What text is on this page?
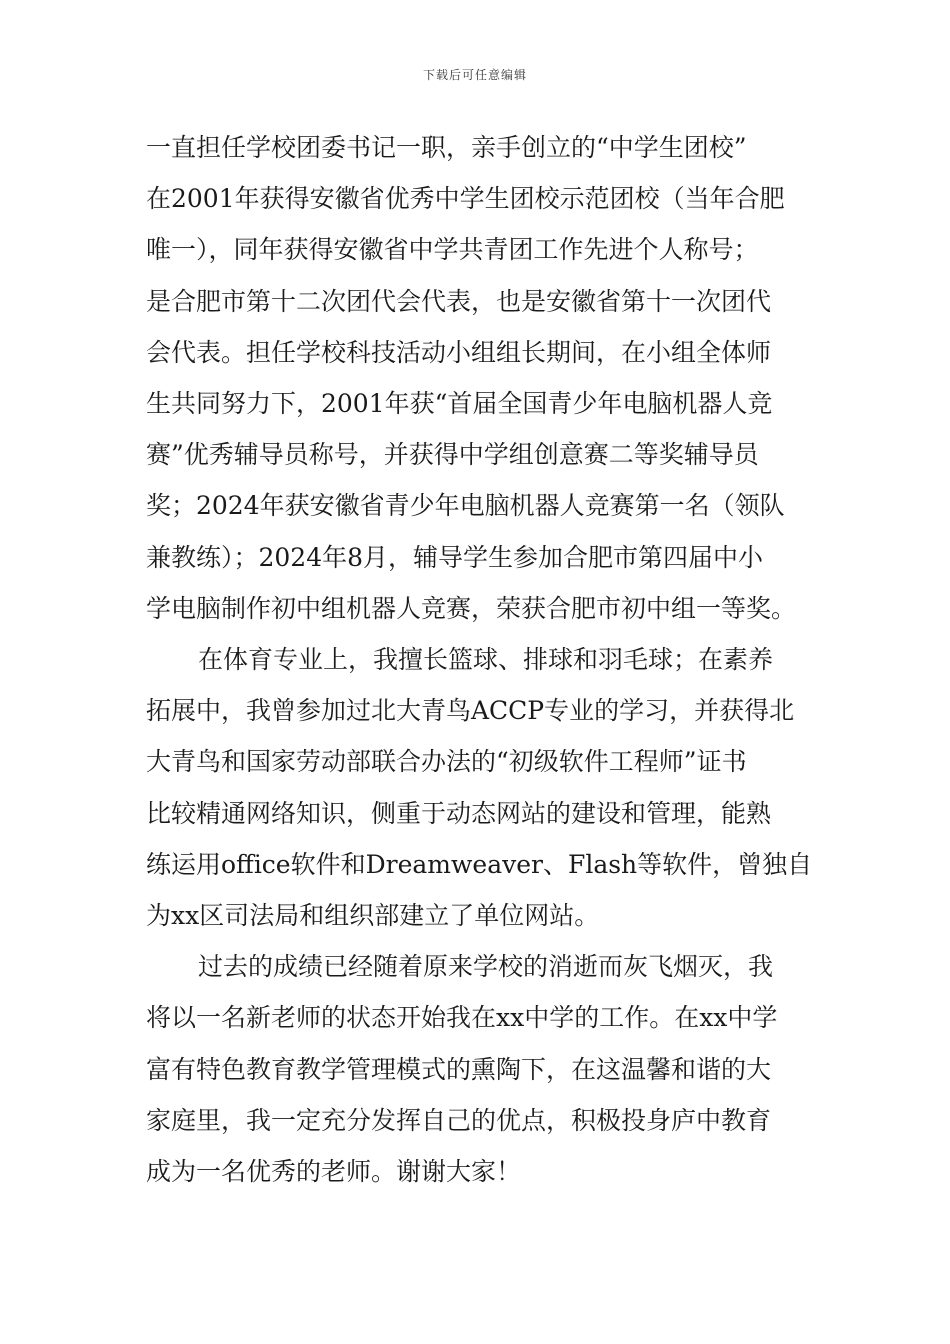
下载后可任意编辑

一直担任学校团委书记一职，亲手创立的“中学生团校”
在2001年获得安徽省优秀中学生团校示范团校（当年合肥
唯一），同年获得安徽省中学共青团工作先进个人称号；
是合肥市第十二次团代会代表，也是安徽省第十一次团代
会代表。担任学校科技活动小组组长期间，在小组全体师
生共同努力下，2001年获“首届全国青少年电脑机器人竞
赛”优秀辅导员称号，并获得中学组创意赛二等奖辅导员
奖；2024年获安徽省青少年电脑机器人竞赛第一名（领队
兼教练）；2024年8月，辅导学生参加合肥市第四届中小
学电脑制作初中组机器人竞赛，荣获合肥市初中组一等奖。

在体育专业上，我擅长篮球、排球和羽毛球；在素养
拓展中，我曾参加过北大青鸟ACCP专业的学习，并获得北
大青鸟和国家劳动部联合办法的“初级软件工程师”证书
比较精通网络知识，侧重于动态网站的建设和管理，能熟
练运用office软件和Dreamweaver、Flash等软件，曾独自
为xx区司法局和组织部建立了单位网站。

过去的成绩已经随着原来学校的消逝而灰飞烟灭，我
将以一名新老师的状态开始我在xx中学的工作。在xx中学
富有特色教育教学管理模式的熏陶下，在这温馨和谐的大
家庭里，我一定充分发挥自己的优点，积极投身庐中教育
成为一名优秀的老师。谢谢大家！
